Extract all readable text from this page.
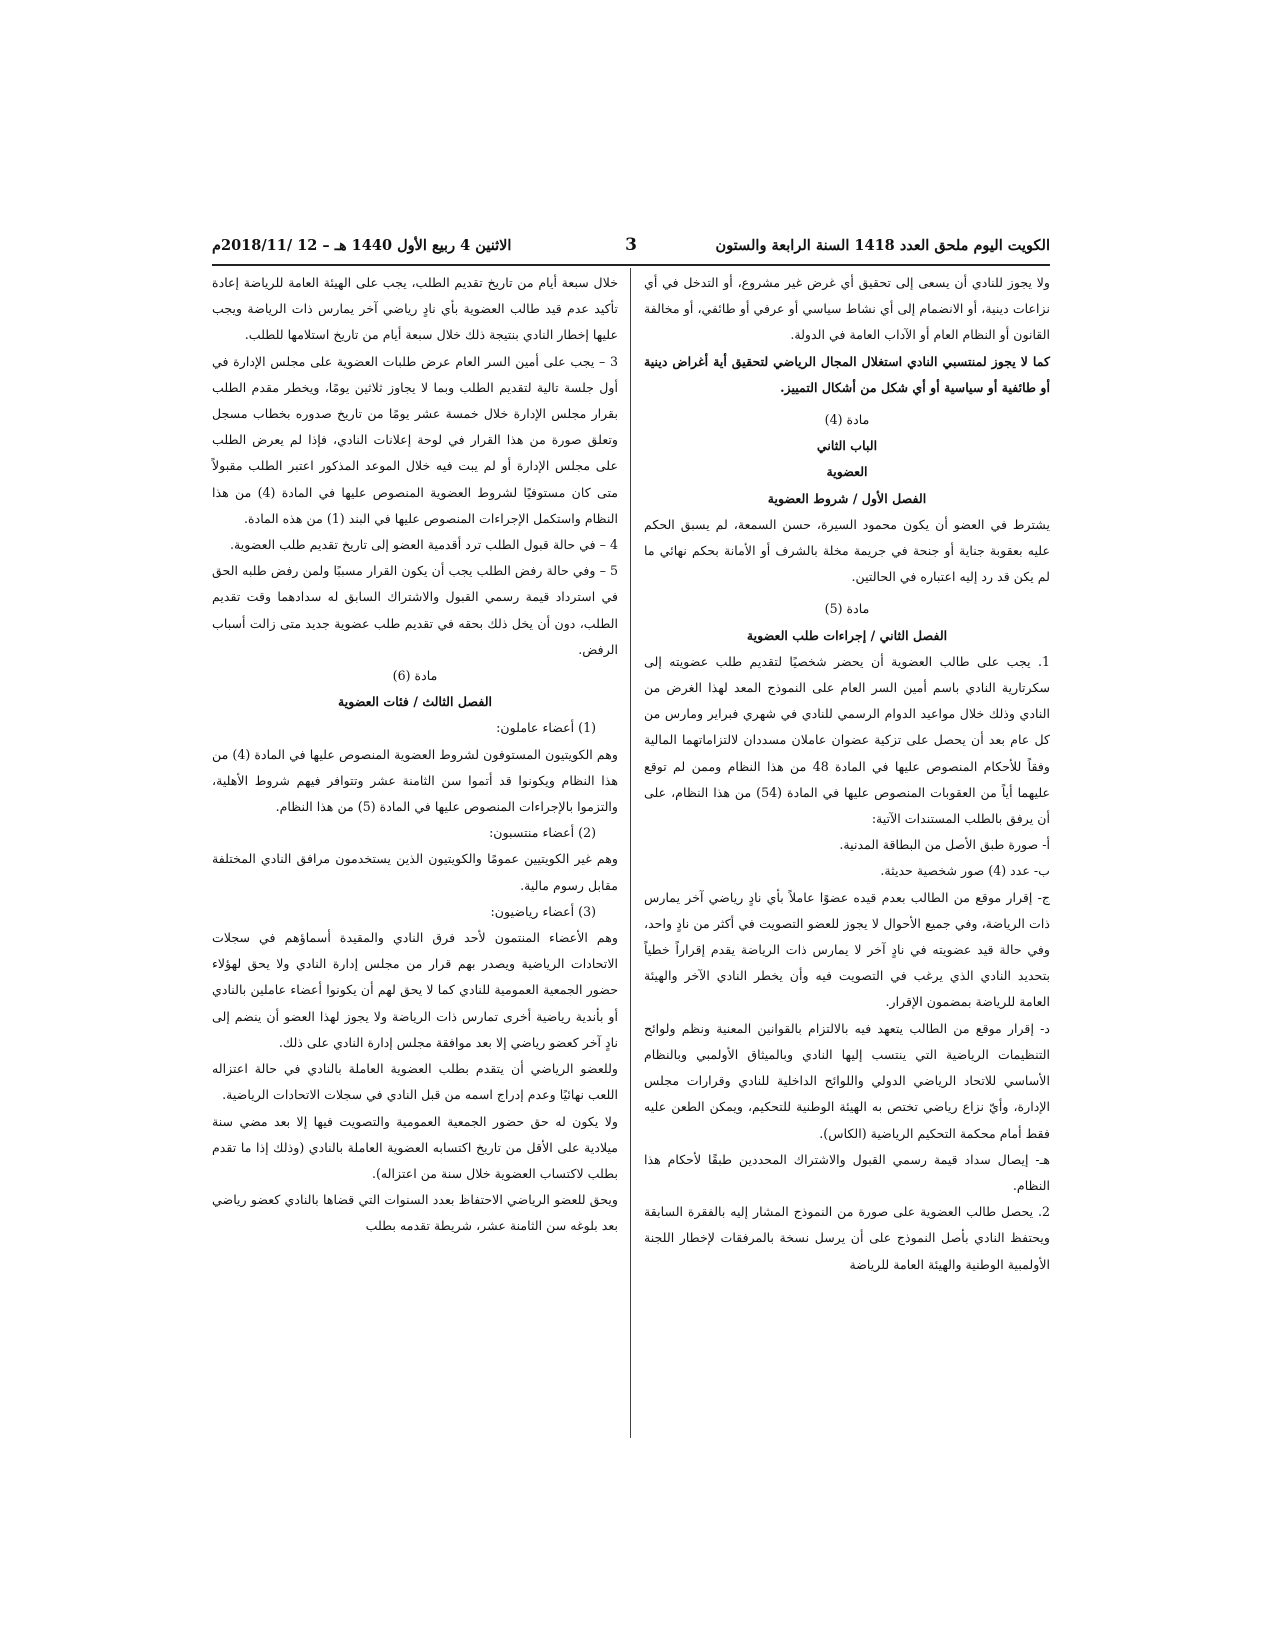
الكويت اليوم ملحق العدد 1418 السنة الرابعة والستون
3
الاثنين 4 ربيع الأول 1440 هـ – 12 /2018/11م

ولا يجوز للنادي أن يسعى إلى تحقيق أي غرض غير مشروع، أو التدخل في أي نزاعات دينية، أو الانضمام إلى أي نشاط سياسي أو عرفي أو طائفي، أو مخالفة القانون أو النظام العام أو الآداب العامة في الدولة.

كما لا يجوز لمنتسبي النادي استغلال المجال الرياضي لتحقيق أية أغراض دينية أو طائفية أو سياسية أو أي شكل من أشكال التمييز.

مادة (4)

الباب الثاني

العضوية

الفصل الأول / شروط العضوية

يشترط في العضو أن يكون محمود السيرة، حسن السمعة، لم يسبق الحكم عليه بعقوبة جناية أو جنحة في جريمة مخلة بالشرف أو الأمانة بحكم نهائي ما لم يكن قد رد إليه اعتباره في الحالتين.

مادة (5)

الفصل الثاني / إجراءات طلب العضوية

1. يجب على طالب العضوية أن يحضر شخصيًا لتقديم طلب عضويته إلى سكرتارية النادي باسم أمين السر العام على النموذج المعد لهذا الغرض من النادي وذلك خلال مواعيد الدوام الرسمي للنادي في شهري فبراير ومارس من كل عام بعد أن يحصل على تزكية عضوان عاملان مسددان لالتزاماتهما المالية وفقاً للأحكام المنصوص عليها في المادة 48 من هذا النظام وممن لم توقع عليهما أياً من العقوبات المنصوص عليها في المادة (54) من هذا النظام، على أن يرفق بالطلب المستندات الآتية:

أ- صورة طبق الأصل من البطاقة المدنية.

ب- عدد (4) صور شخصية حديثة.

ج- إقرار موقع من الطالب بعدم قيده عضوًا عاملاً بأي نادٍ رياضي آخر يمارس ذات الرياضة، وفي جميع الأحوال لا يجوز للعضو التصويت في أكثر من نادٍ واحد، وفي حالة قيد عضويته في نادٍ آخر لا يمارس ذات الرياضة يقدم إقراراً خطياً بتحديد النادي الذي يرغب في التصويت فيه وأن يخطر النادي الآخر والهيئة العامة للرياضة بمضمون الإقرار.

د- إقرار موقع من الطالب يتعهد فيه بالالتزام بالقوانين المعنية ونظم ولوائح التنظيمات الرياضية التي ينتسب إليها النادي وبالميثاق الأولمبي وبالنظام الأساسي للاتحاد الرياضي الدولي واللوائح الداخلية للنادي وقرارات مجلس الإدارة، وأيّ نزاع رياضي تختص به الهيئة الوطنية للتحكيم، ويمكن الطعن عليه فقط أمام محكمة التحكيم الرياضية (الكاس).

هـ- إيصال سداد قيمة رسمي القبول والاشتراك المحددين طبقًا لأحكام هذا النظام.

2. يحصل طالب العضوية على صورة من النموذج المشار إليه بالفقرة السابقة ويحتفظ النادي بأصل النموذج على أن يرسل نسخة بالمرفقات لإخطار اللجنة الأولمبية الوطنية والهيئة العامة للرياضة

خلال سبعة أيام من تاريخ تقديم الطلب، يجب على الهيئة العامة للرياضة إعادة تأكيد عدم قيد طالب العضوية بأي نادٍ رياضي آخر يمارس ذات الرياضة ويجب عليها إخطار النادي بنتيجة ذلك خلال سبعة أيام من تاريخ استلامها للطلب.

3 – يجب على أمين السر العام عرض طلبات العضوية على مجلس الإدارة في أول جلسة تالية لتقديم الطلب وبما لا يجاوز ثلاثين يومًا، ويخطر مقدم الطلب بقرار مجلس الإدارة خلال خمسة عشر يومًا من تاريخ صدوره بخطاب مسجل وتعلق صورة من هذا القرار في لوحة إعلانات النادي، فإذا لم يعرض الطلب على مجلس الإدارة أو لم يبت فيه خلال الموعد المذكور اعتبر الطلب مقبولاً متى كان مستوفيًا لشروط العضوية المنصوص عليها في المادة (4) من هذا النظام واستكمل الإجراءات المنصوص عليها في البند (1) من هذه المادة.

4 – في حالة قبول الطلب ترد أقدمية العضو إلى تاريخ تقديم طلب العضوية.

5 – وفي حالة رفض الطلب يجب أن يكون القرار مسببًا ولمن رفض طلبه الحق في استرداد قيمة رسمي القبول والاشتراك السابق له سدادهما وقت تقديم الطلب، دون أن يخل ذلك بحقه في تقديم طلب عضوية جديد متى زالت أسباب الرفض.

مادة (6)

الفصل الثالث / فئات العضوية

(1) أعضاء عاملون:

وهم الكويتيون المستوفون لشروط العضوية المنصوص عليها في المادة (4) من هذا النظام ويكونوا قد أتموا سن الثامنة عشر وتتوافر فيهم شروط الأهلية، والتزموا بالإجراءات المنصوص عليها في المادة (5) من هذا النظام.

(2) أعضاء منتسبون:

وهم غير الكويتيين عمومًا والكويتيون الذين يستخدمون مرافق النادي المختلفة مقابل رسوم مالية.

(3) أعضاء رياضيون:

وهم الأعضاء المنتمون لأحد فرق النادي والمقيدة أسماؤهم في سجلات الاتحادات الرياضية ويصدر بهم قرار من مجلس إدارة النادي ولا يحق لهؤلاء حضور الجمعية العمومية للنادي كما لا يحق لهم أن يكونوا أعضاء عاملين بالنادي أو بأندية رياضية أخرى تمارس ذات الرياضة ولا يجوز لهذا العضو أن ينضم إلى نادٍ آخر كعضو رياضي إلا بعد موافقة مجلس إدارة النادي على ذلك.

وللعضو الرياضي أن يتقدم بطلب العضوية العاملة بالنادي في حالة اعتزاله اللعب نهائيًا وعدم إدراج اسمه من قبل النادي في سجلات الاتحادات الرياضية.

ولا يكون له حق حضور الجمعية العمومية والتصويت فيها إلا بعد مضي سنة ميلادية على الأقل من تاريخ اكتسابه العضوية العاملة بالنادي (وذلك إذا ما تقدم بطلب لاكتساب العضوية خلال سنة من اعتزاله).

ويحق للعضو الرياضي الاحتفاظ بعدد السنوات التي قضاها بالنادي كعضو رياضي بعد بلوغه سن الثامنة عشر، شريطة تقدمه بطلب
